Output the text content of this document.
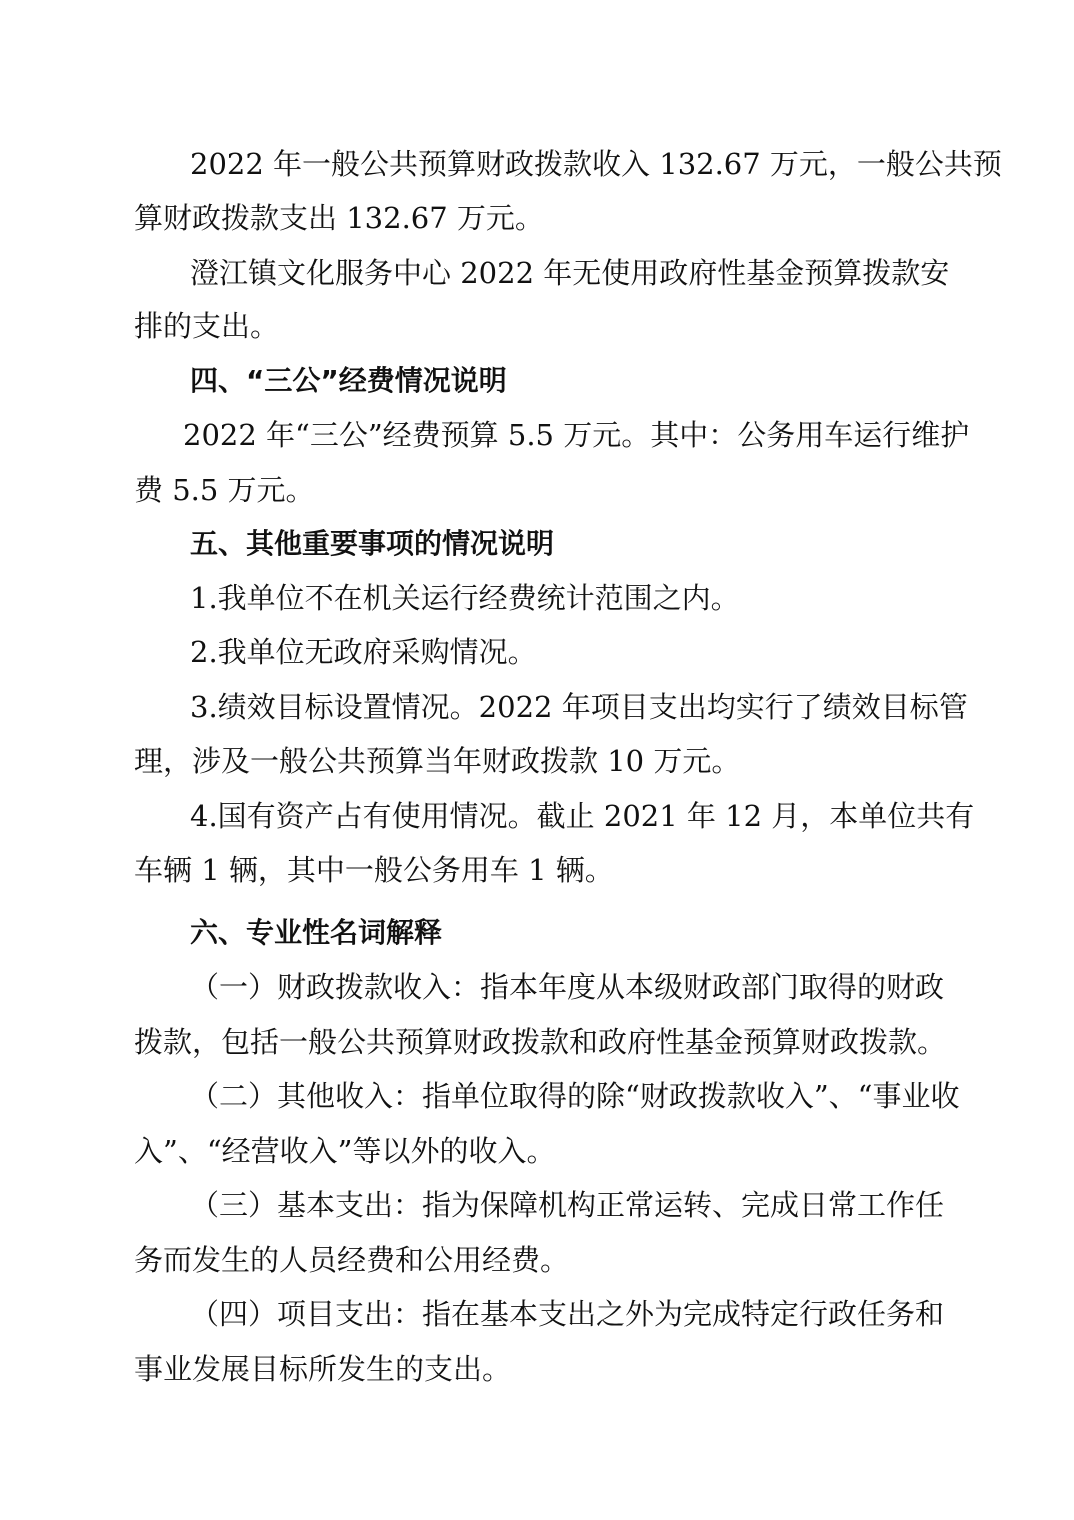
2022 年一般公共预算财政拨款收入 132.67 万元，一般公共预
算财政拨款支出 132.67 万元。
澄江镇文化服务中心 2022 年无使用政府性基金预算拨款安
排的支出。
四、“三公”经费情况说明
2022 年“三公”经费预算 5.5 万元。其中：公务用车运行维护
费 5.5 万元。
五、其他重要事项的情况说明
1.我单位不在机关运行经费统计范围之内。
2.我单位无政府采购情况。
3.绩效目标设置情况。2022 年项目支出均实行了绩效目标管
理，涉及一般公共预算当年财政拨款 10 万元。
4.国有资产占有使用情况。截止 2021 年 12 月，本单位共有
车辆 1 辆，其中一般公务用车 1 辆。
六、专业性名词解释
（一）财政拨款收入：指本年度从本级财政部门取得的财政
拨款，包括一般公共预算财政拨款和政府性基金预算财政拨款。
（二）其他收入：指单位取得的除“财政拨款收入”、“事业收
入”、“经营收入”等以外的收入。
（三）基本支出：指为保障机构正常运转、完成日常工作任
务而发生的人员经费和公用经费。
（四）项目支出：指在基本支出之外为完成特定行政任务和
事业发展目标所发生的支出。
